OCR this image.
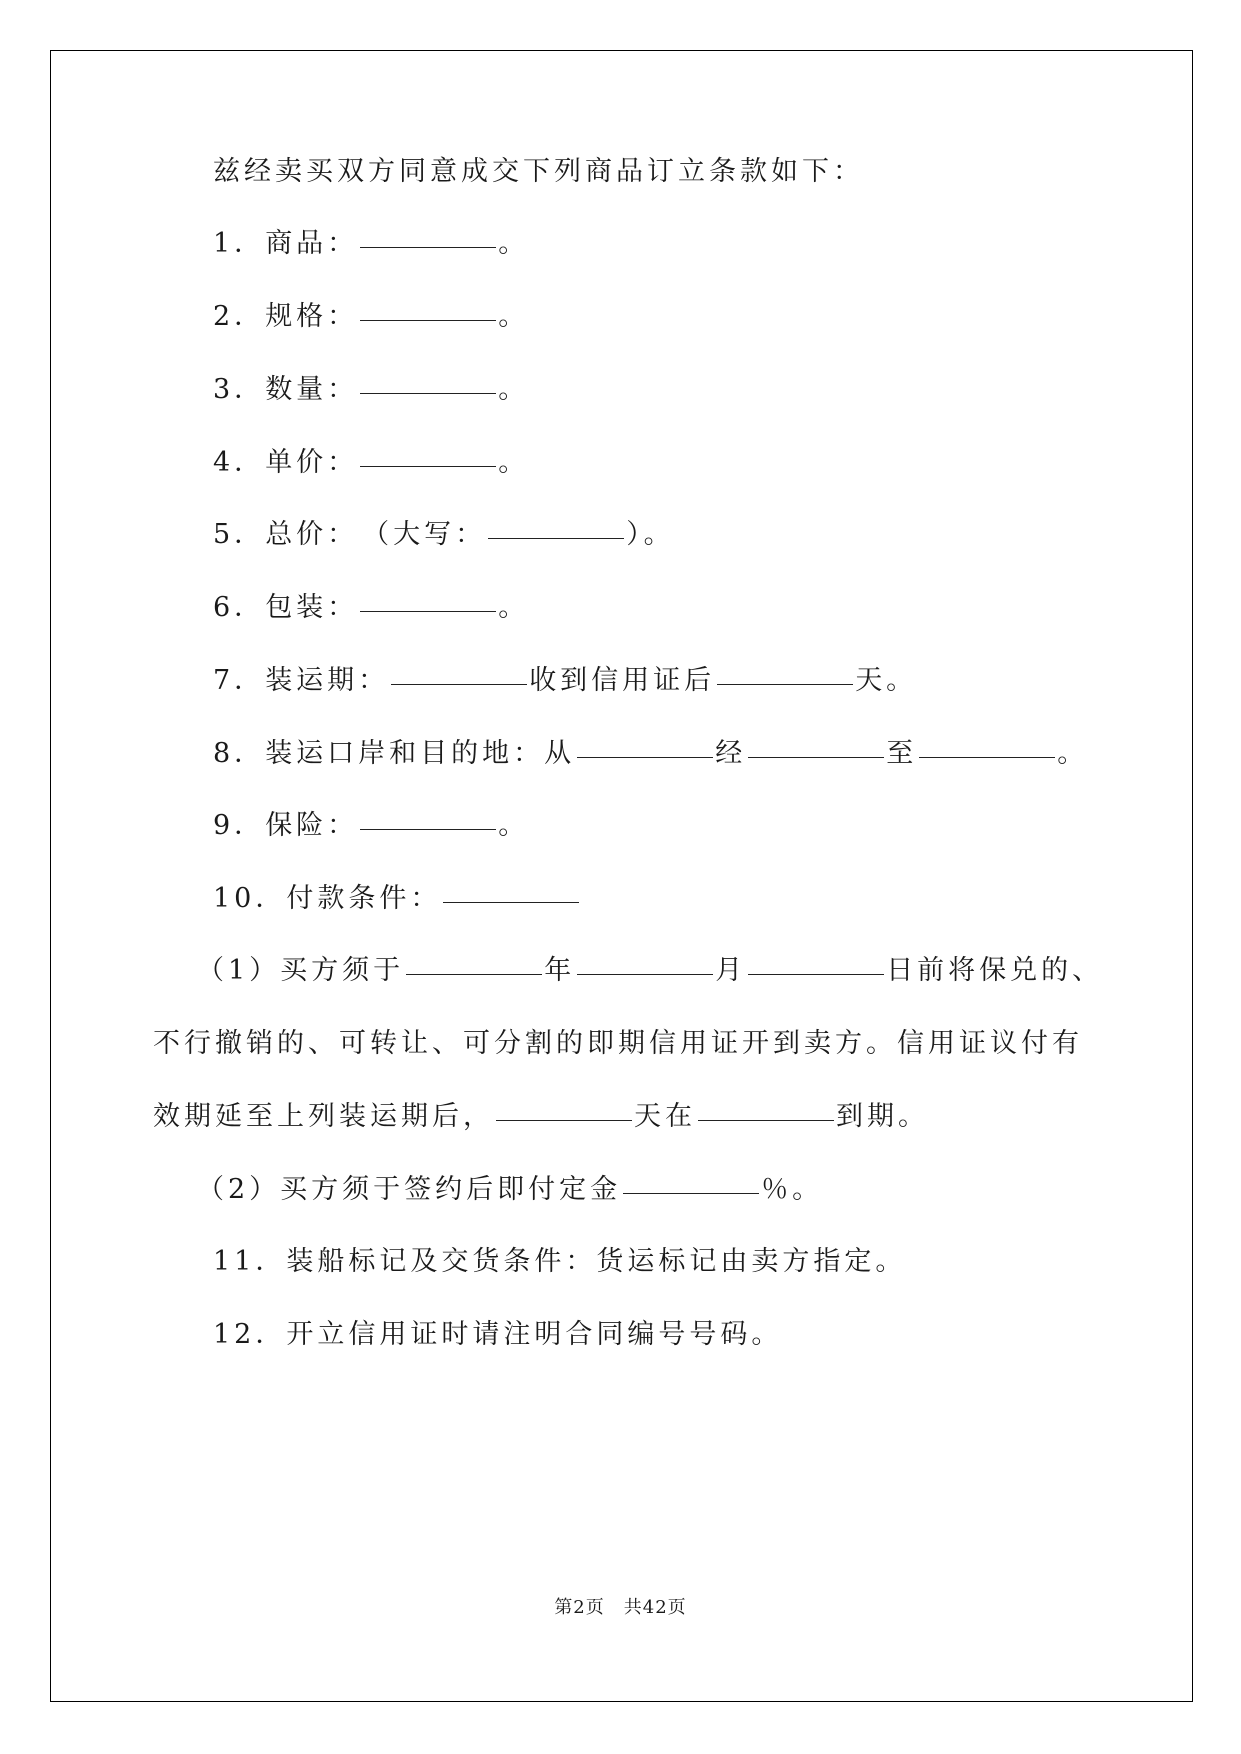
兹经卖买双方同意成交下列商品订立条款如下：
1．商品：	。
2．规格：	。
3．数量：	。
4．单价：	。
5．总价：　（大写：	）。
6．包装：	。
7．装运期：	收到信用证后	天。
8．装运口岸和目的地：从	经	至	。
9．保险：	。
10．付款条件：
（1）买方须于	年	月	日前将保兑的、
不行撤销的、可转让、可分割的即期信用证开到卖方。信用证议付有
效期延至上列装运期后，	天在	到期。
（2）买方须于签约后即付定金	％。
11．装船标记及交货条件：货运标记由卖方指定。
12．开立信用证时请注明合同编号号码。
第2页　共42页
